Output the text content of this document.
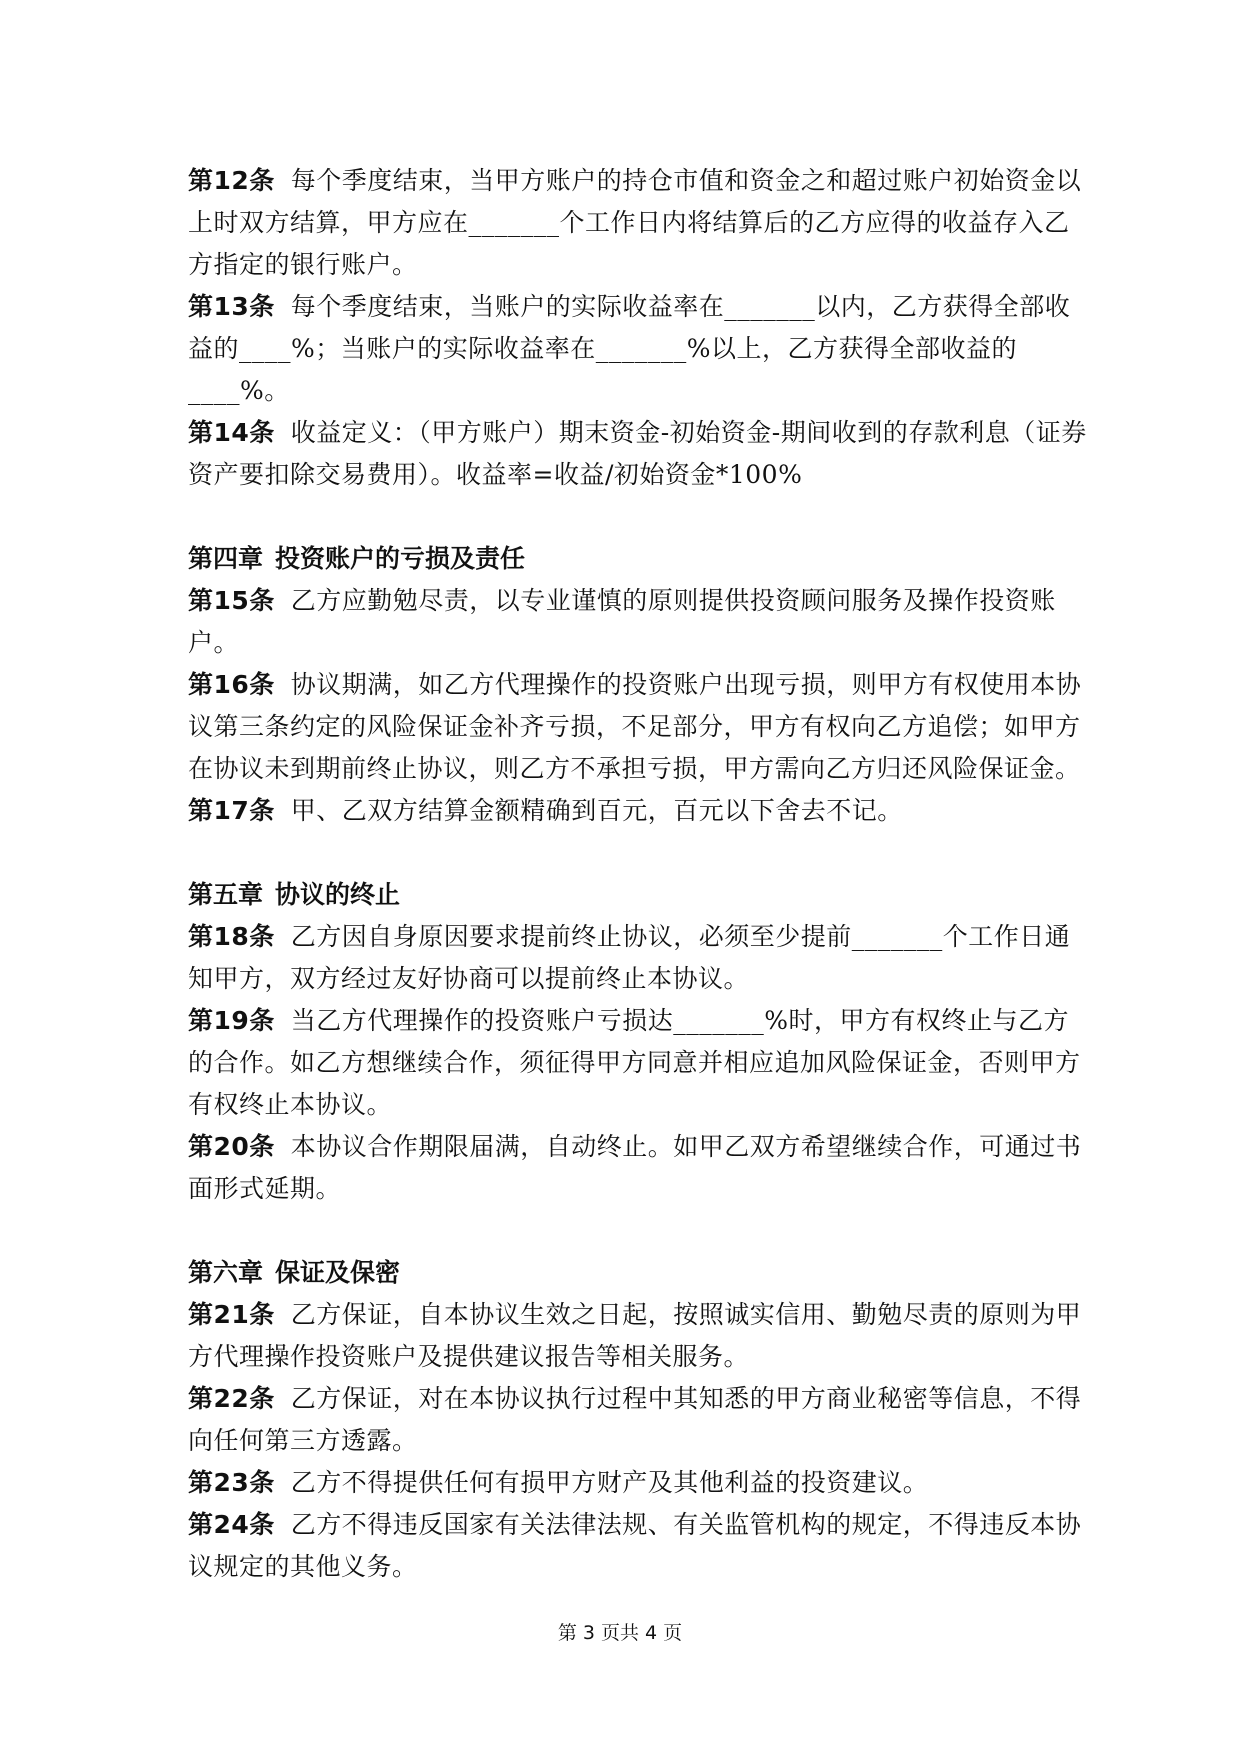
第12条 每个季度结束，当甲方账户的持仓市值和资金之和超过账户初始资金以上时双方结算，甲方应在_______个工作日内将结算后的乙方应得的收益存入乙方指定的银行账户。

第13条 每个季度结束，当账户的实际收益率在_______以内，乙方获得全部收益的____%；当账户的实际收益率在_______%以上，乙方获得全部收益的____%。

第14条 收益定义：（甲方账户）期末资金-初始资金-期间收到的存款利息（证券资产要扣除交易费用）。收益率=收益/初始资金*100%

第四章 投资账户的亏损及责任

第15条 乙方应勤勉尽责，以专业谨慎的原则提供投资顾问服务及操作投资账户。

第16条 协议期满，如乙方代理操作的投资账户出现亏损，则甲方有权使用本协议第三条约定的风险保证金补齐亏损，不足部分，甲方有权向乙方追偿；如甲方在协议未到期前终止协议，则乙方不承担亏损，甲方需向乙方归还风险保证金。

第17条 甲、乙双方结算金额精确到百元，百元以下舍去不记。

第五章 协议的终止

第18条 乙方因自身原因要求提前终止协议，必须至少提前_______个工作日通知甲方，双方经过友好协商可以提前终止本协议。

第19条 当乙方代理操作的投资账户亏损达_______%时，甲方有权终止与乙方的合作。如乙方想继续合作，须征得甲方同意并相应追加风险保证金，否则甲方有权终止本协议。

第20条 本协议合作期限届满，自动终止。如甲乙双方希望继续合作，可通过书面形式延期。

第六章 保证及保密

第21条 乙方保证，自本协议生效之日起，按照诚实信用、勤勉尽责的原则为甲方代理操作投资账户及提供建议报告等相关服务。

第22条 乙方保证，对在本协议执行过程中其知悉的甲方商业秘密等信息，不得向任何第三方透露。

第23条 乙方不得提供任何有损甲方财产及其他利益的投资建议。

第24条 乙方不得违反国家有关法律法规、有关监管机构的规定，不得违反本协议规定的其他义务。

第 3 页共 4 页
